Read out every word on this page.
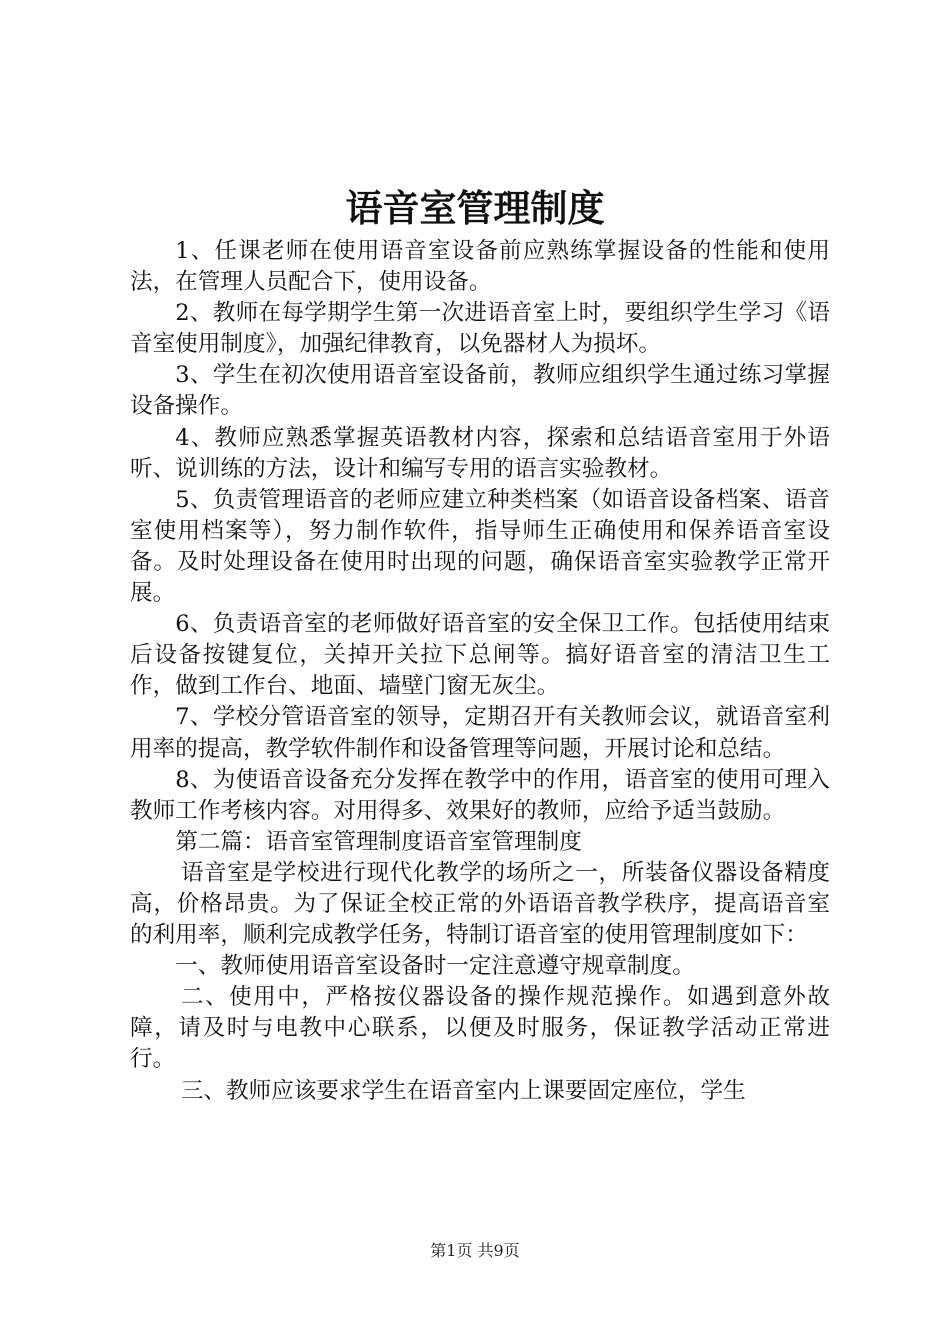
语音室管理制度

1、任课老师在使用语音室设备前应熟练掌握设备的性能和使用法，在管理人员配合下，使用设备。

2、教师在每学期学生第一次进语音室上时，要组织学生学习《语音室使用制度》，加强纪律教育，以免器材人为损坏。

3、学生在初次使用语音室设备前，教师应组织学生通过练习掌握设备操作。

4、教师应熟悉掌握英语教材内容，探索和总结语音室用于外语听、说训练的方法，设计和编写专用的语言实验教材。

5、负责管理语音的老师应建立种类档案（如语音设备档案、语音室使用档案等），努力制作软件，指导师生正确使用和保养语音室设备。及时处理设备在使用时出现的问题，确保语音室实验教学正常开展。

6、负责语音室的老师做好语音室的安全保卫工作。包括使用结束后设备按键复位，关掉开关拉下总闸等。搞好语音室的清洁卫生工作，做到工作台、地面、墙壁门窗无灰尘。

7、学校分管语音室的领导，定期召开有关教师会议，就语音室利用率的提高，教学软件制作和设备管理等问题，开展讨论和总结。

8、为使语音设备充分发挥在教学中的作用，语音室的使用可理入教师工作考核内容。对用得多、效果好的教师，应给予适当鼓励。

第二篇：语音室管理制度语音室管理制度

语音室是学校进行现代化教学的场所之一，所装备仪器设备精度高，价格昂贵。为了保证全校正常的外语语音教学秩序，提高语音室的利用率，顺利完成教学任务，特制订语音室的使用管理制度如下：

一、教师使用语音室设备时一定注意遵守规章制度。

二、使用中，严格按仪器设备的操作规范操作。如遇到意外故障，请及时与电教中心联系，以便及时服务，保证教学活动正常进行。

三、教师应该要求学生在语音室内上课要固定座位，学生

第1页 共9页
